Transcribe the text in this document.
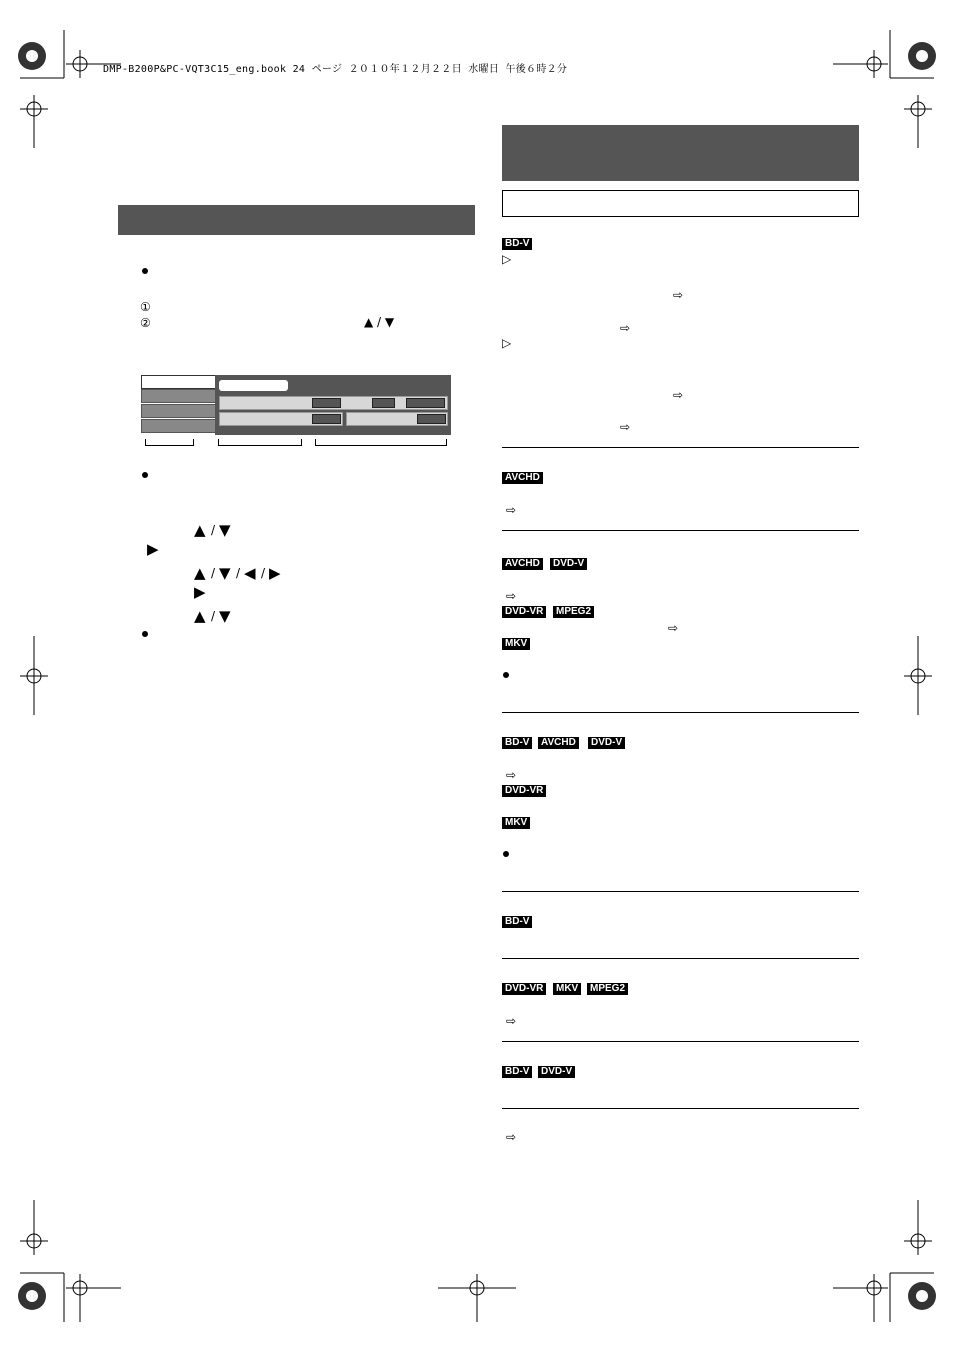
DMP-B200P&PC-VQT3C15_eng.book 24 ページ ２０１０年１２月２２日 水曜日 午後６時２分
①
②	▲ / ▼
▲ / ▼
▶
▲ / ▼ / ◀ / ▶
▶
▲ / ▼
BD-V
▷
⇨
⇨
▷
⇨
⇨
AVCHD
⇨
AVCHD	DVD-V
⇨
DVD-VR	MPEG2
⇨
MKV
BD-V	AVCHD	DVD-V
⇨
DVD-VR
MKV
BD-V
DVD-VR	MKV	MPEG2
⇨
BD-V	DVD-V
⇨
